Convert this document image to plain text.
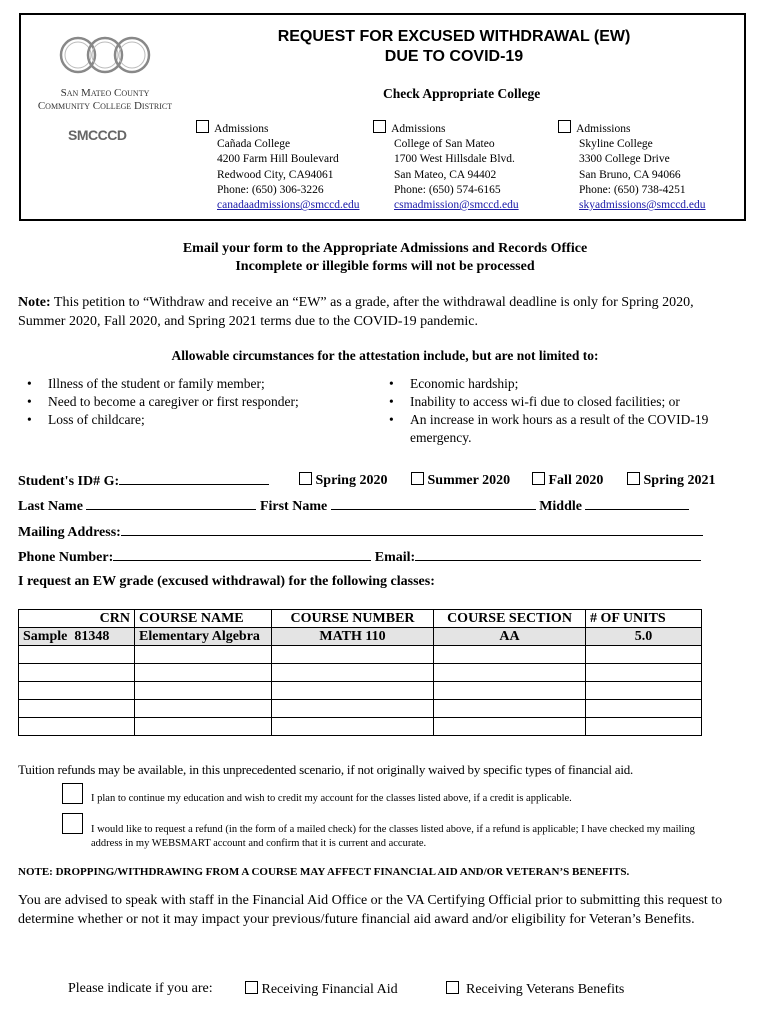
San Mateo County
Community College District
SMCCCD
REQUEST FOR EXCUSED WITHDRAWAL (EW)
DUE TO COVID-19
Check Appropriate College
Admissions
Cañada College
4200 Farm Hill Boulevard
Redwood City, CA94061
Phone: (650) 306-3226
canadaadmissions@smccd.edu
Admissions
College of San Mateo
1700 West Hillsdale Blvd.
San Mateo, CA 94402
Phone: (650) 574-6165
csmadmission@smccd.edu
Admissions
Skyline College
3300 College Drive
San Bruno, CA 94066
Phone: (650) 738-4251
skyadmissions@smccd.edu
Email your form to the Appropriate Admissions and Records Office
Incomplete or illegible forms will not be processed
Note: This petition to “Withdraw and receive an “EW” as a grade, after the withdrawal deadline is only for Spring 2020, Summer 2020, Fall 2020, and Spring 2021 terms due to the COVID-19 pandemic.
Allowable circumstances for the attestation include, but are not limited to:
• Illness of the student or family member;
• Need to become a caregiver or first responder;
• Loss of childcare;
• Economic hardship;
• Inability to access wi-fi due to closed facilities; or
• An increase in work hours as a result of the COVID-19 emergency.
Student's ID# G:	Spring 2020	Summer 2020	Fall 2020	Spring 2021
Last Name	First Name	Middle
Mailing Address:
Phone Number:	Email:
I request an EW grade (excused withdrawal) for the following classes:
CRN	COURSE NAME	COURSE NUMBER	COURSE SECTION	# OF UNITS
Sample  81348	Elementary Algebra	MATH 110	AA	5.0

Tuition refunds may be available, in this unprecedented scenario, if not originally waived by specific types of financial aid.
I plan to continue my education and wish to credit my account for the classes listed above, if a credit is applicable.
I would like to request a refund (in the form of a mailed check) for the classes listed above, if a refund is applicable; I have checked my mailing address in my WEBSMART account and confirm that it is current and accurate.
NOTE: DROPPING/WITHDRAWING FROM A COURSE MAY AFFECT FINANCIAL AID AND/OR VETERAN’S BENEFITS.
You are advised to speak with staff in the Financial Aid Office or the VA Certifying Official prior to submitting this request to determine whether or not it may impact your previous/future financial aid award and/or eligibility for Veteran’s Benefits.
Please indicate if you are:	Receiving Financial Aid	Receiving Veterans Benefits
